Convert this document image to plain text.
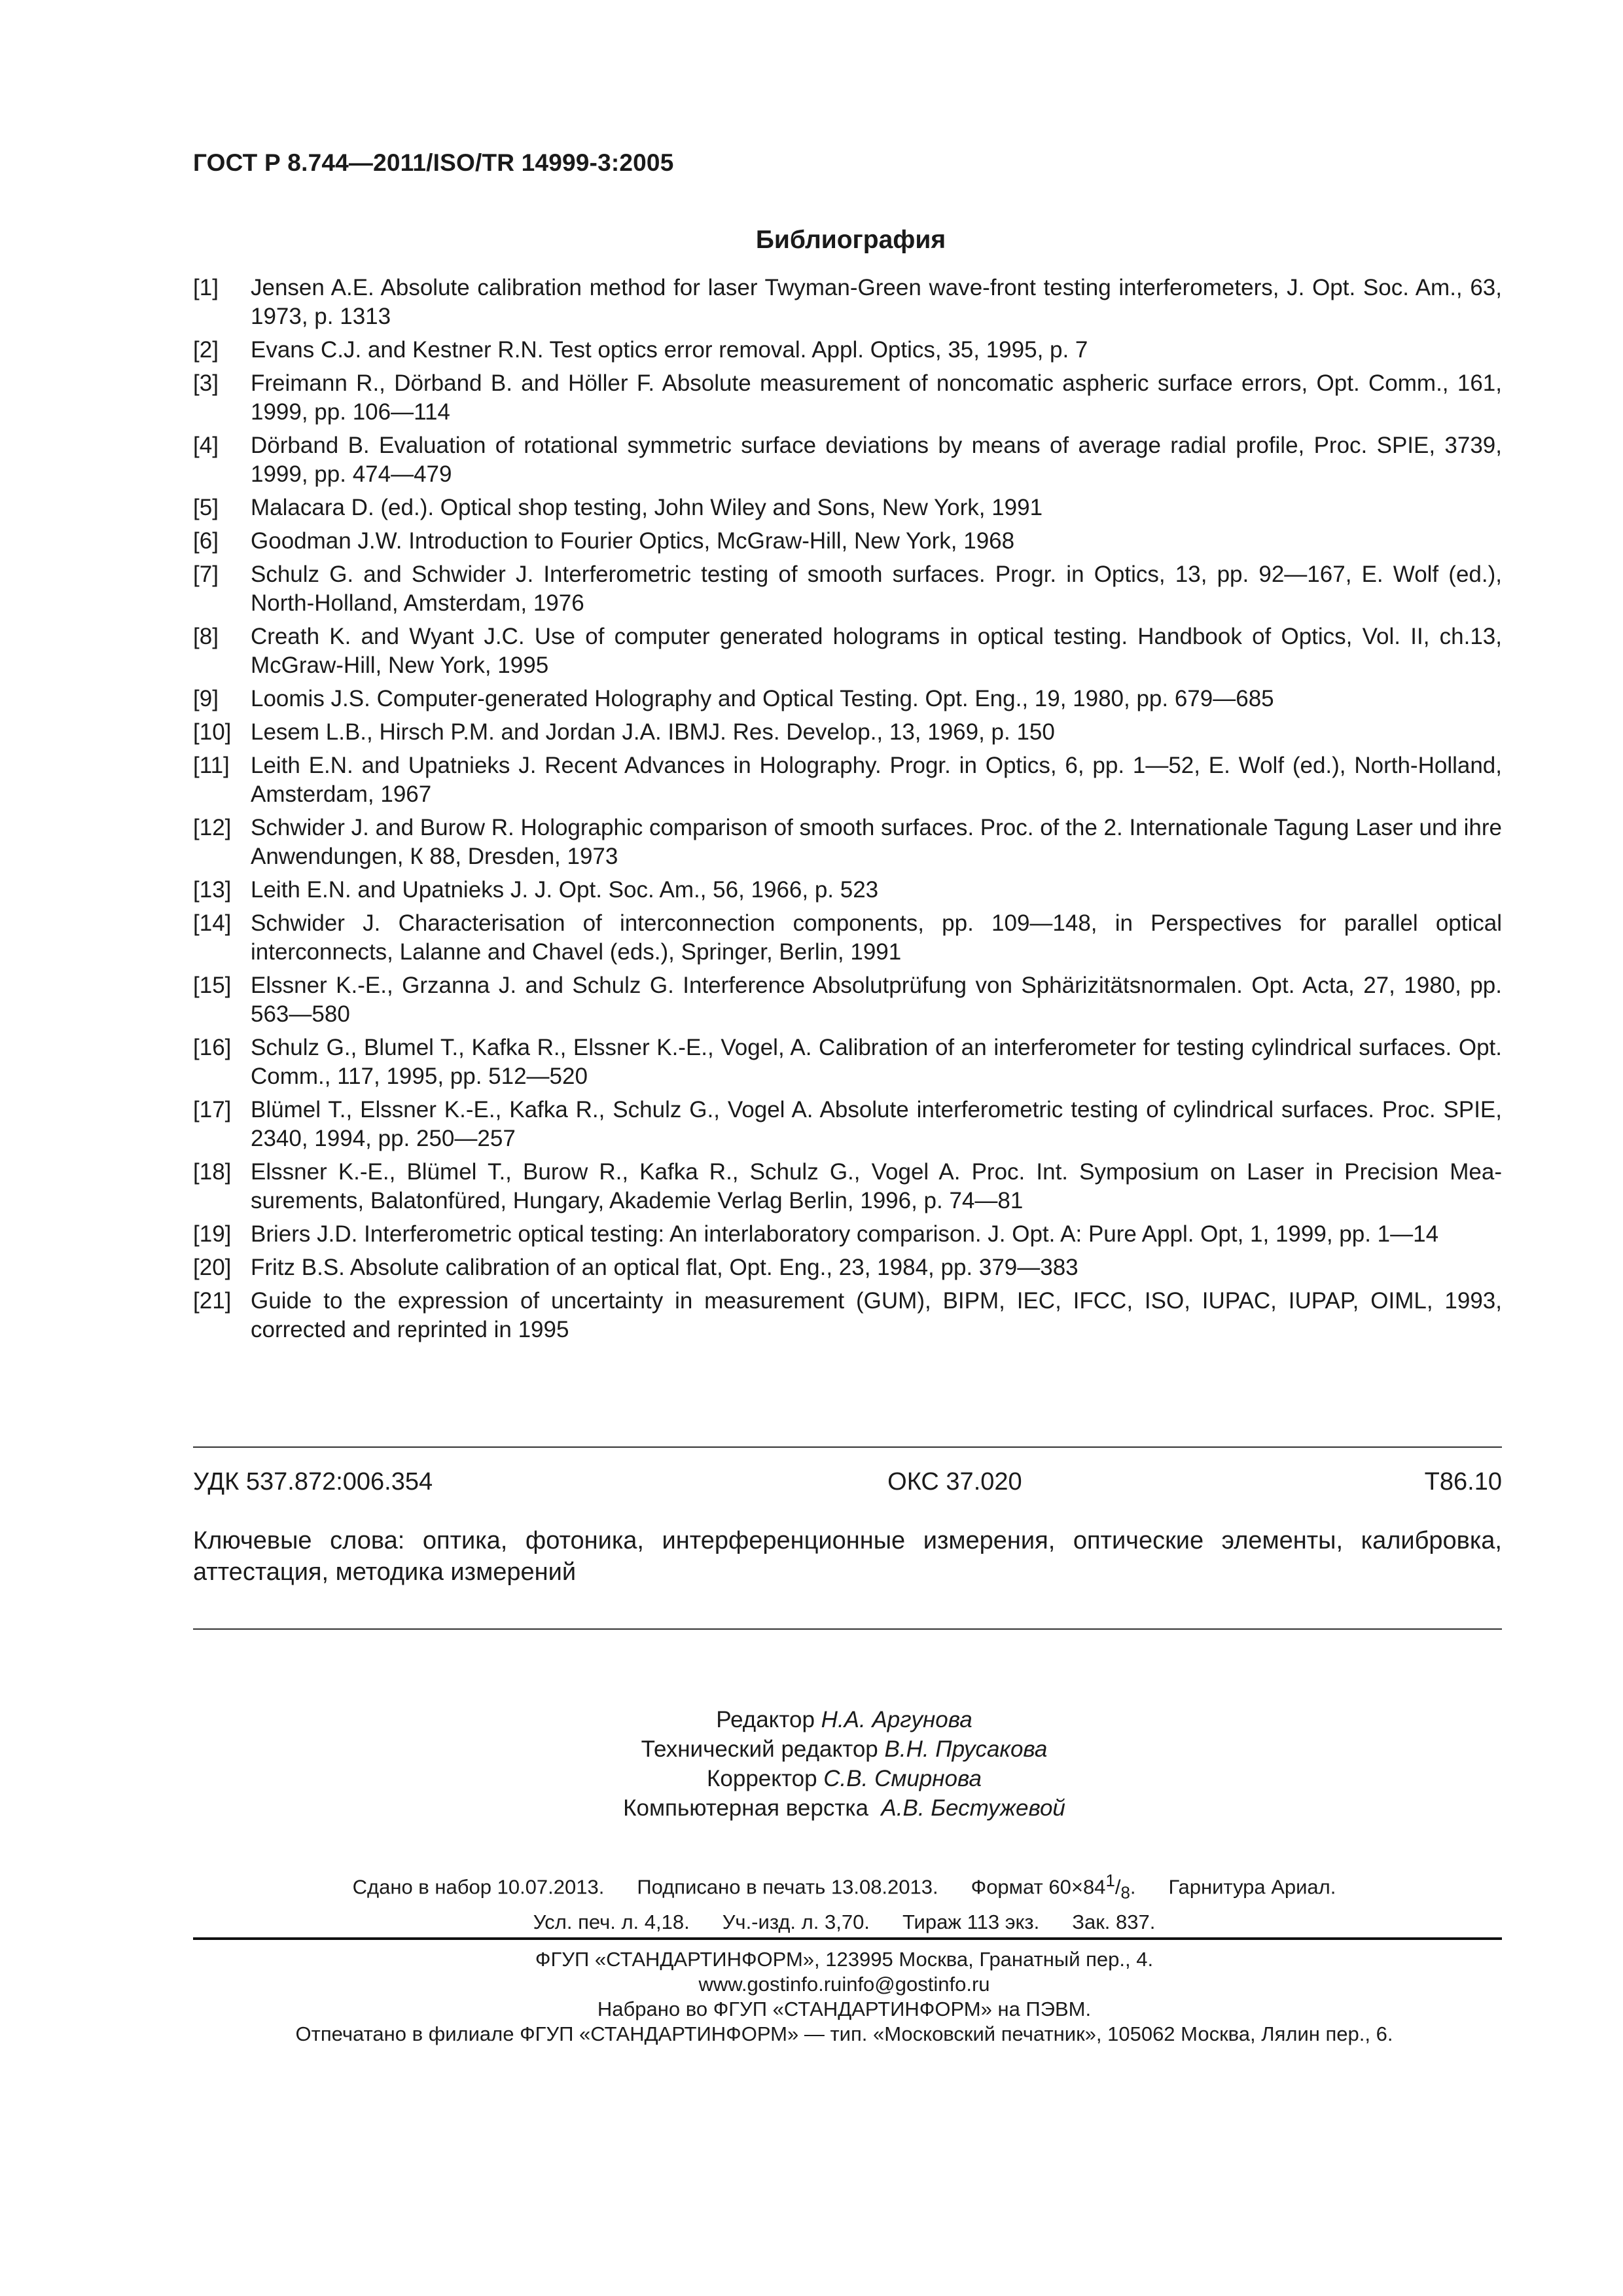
ГОСТ Р 8.744—2011/ISO/TR 14999-3:2005
Библиография
[1]	Jensen A.E. Absolute calibration method for laser Twyman-Green wave-front testing interferometers, J. Opt. Soc. Am., 63, 1973, p. 1313
[2]	Evans C.J. and Kestner R.N. Test optics error removal. Appl. Optics, 35, 1995, p. 7
[3]	Freimann R., Dörband B. and Höller F. Absolute measurement of noncomatic aspheric surface errors, Opt. Comm., 161, 1999, pp. 106—114
[4]	Dörband B. Evaluation of rotational symmetric surface deviations by means of average radial profile, Proc. SPIE, 3739, 1999, pp. 474—479
[5]	Malacara D. (ed.). Optical shop testing, John Wiley and Sons, New York, 1991
[6]	Goodman J.W. Introduction to Fourier Optics, McGraw-Hill, New York, 1968
[7]	Schulz G. and Schwider J. Interferometric testing of smooth surfaces. Progr. in Optics, 13, pp. 92—167, E. Wolf (ed.), North-Holland, Amsterdam, 1976
[8]	Creath K. and Wyant J.C. Use of computer generated holograms in optical testing. Handbook of Optics, Vol. II, ch.13, McGraw-Hill, New York, 1995
[9]	Loomis J.S. Computer-generated Holography and Optical Testing. Opt. Eng., 19, 1980, pp. 679—685
[10] Lesem L.B., Hirsch P.M. and Jordan J.A. IBMJ. Res. Develop., 13, 1969, p. 150
[11] Leith E.N. and Upatnieks J. Recent Advances in Holography. Progr. in Optics, 6, pp. 1—52, E. Wolf (ed.), North-Holland, Amsterdam, 1967
[12] Schwider J. and Burow R. Holographic comparison of smooth surfaces. Proc. of the 2. Internationale Tagung Laser und ihre Anwendungen, К 88, Dresden, 1973
[13] Leith E.N. and Upatnieks J. J. Opt. Soc. Am., 56, 1966, p. 523
[14] Schwider J. Characterisation of interconnection components, pp. 109—148, in Perspectives for parallel optical interconnects, Lalanne and Chavel (eds.), Springer, Berlin, 1991
[15] Elssner K.-E., Grzanna J. and Schulz G. Interference Absolutprüfung von Sphärizitätsnormalen. Opt. Acta, 27, 1980, pp. 563—580
[16] Schulz G., Blumel T., Kafka R., Elssner K.-E., Vogel, A. Calibration of an interferometer for testing cylindrical surfaces. Opt. Comm., 117, 1995, pp. 512—520
[17] Blümel T., Elssner K.-E., Kafka R., Schulz G., Vogel A. Absolute interferometric testing of cylindrical surfaces. Proc. SPIE, 2340, 1994, pp. 250—257
[18] Elssner K.-E., Blümel T., Burow R., Kafka R., Schulz G., Vogel A. Proc. Int. Symposium on Laser in Precision Measurements, Balatonfüred, Hungary, Akademie Verlag Berlin, 1996, p. 74—81
[19] Briers J.D. Interferometric optical testing: An interlaboratory comparison. J. Opt. A: Pure Appl. Opt, 1, 1999, pp. 1—14
[20] Fritz B.S. Absolute calibration of an optical flat, Opt. Eng., 23, 1984, pp. 379—383
[21] Guide to the expression of uncertainty in measurement (GUM), BIPM, IEC, IFCC, ISO, IUPAC, IUPAP, OIML, 1993, corrected and reprinted in 1995
УДК 537.872:006.354	ОКС 37.020	Т86.10
Ключевые слова: оптика, фотоника, интерференционные измерения, оптические элементы, калибровка, аттестация, методика измерений
Редактор Н.А. Аргунова
Технический редактор В.Н. Прусакова
Корректор С.В. Смирнова
Компьютерная верстка А.В. Бестужевой
Сдано в набор 10.07.2013. Подписано в печать 13.08.2013. Формат $60\times 84^1/_8$. Гарнитура Ариал.
Усл. печ. л. 4,18. Уч.-изд. л. 3,70. Тираж 113 экз. Зак. 837.
ФГУП «СТАНДАРТИНФОРМ», 123995 Москва, Гранатный пер., 4.
www.gostinfo.ruinfo@gostinfo.ru
Набрано во ФГУП «СТАНДАРТИНФОРМ» на ПЭВМ.
Отпечатано в филиале ФГУП «СТАНДАРТИНФОРМ» — тип. «Московский печатник», 105062 Москва, Лялин пер., 6.
